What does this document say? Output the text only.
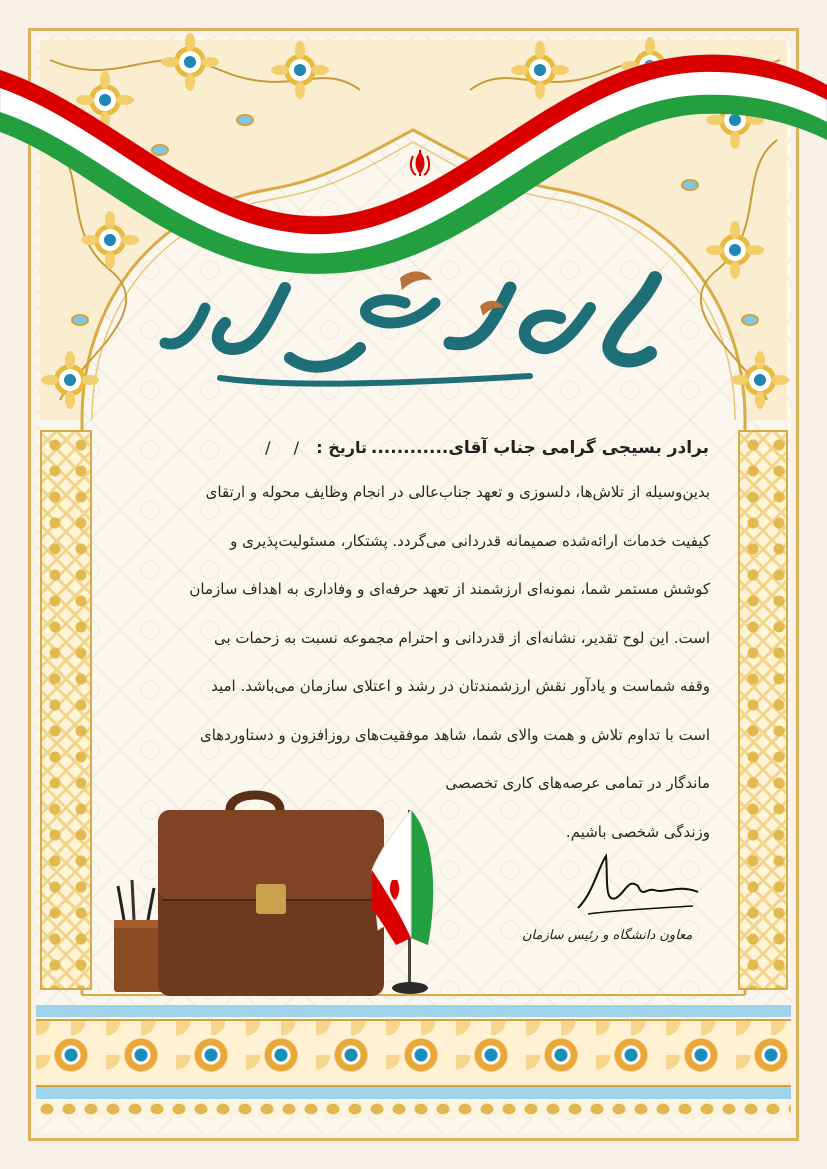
روز کارمند گرامی باد
برادر بسیجی گرامی جناب آقای............
تاریخ :
/ /
بدین‌وسیله از تلاش‌ها، دلسوزی و تعهد جناب‌عالی در انجام وظایف محوله و ارتقای
کیفیت خدمات ارائه‌شده صمیمانه قدردانی می‌گردد. پشتکار، مسئولیت‌پذیری و
کوشش مستمر شما، نمونه‌ای ارزشمند از تعهد حرفه‌ای و وفاداری به اهداف سازمان
است. این لوح تقدیر، نشانه‌ای از قدردانی و احترام مجموعه نسبت به زحمات بی
وقفه شماست و یادآور نقش ارزشمندتان در رشد و اعتلای سازمان می‌باشد. امید
است با تداوم تلاش و همت والای شما، شاهد موفقیت‌های روزافزون و دستاوردهای
ماندگار در تمامی عرصه‌های کاری تخصصی
وزندگی شخصی باشیم.
معاون دانشگاه و رئیس سازمان
